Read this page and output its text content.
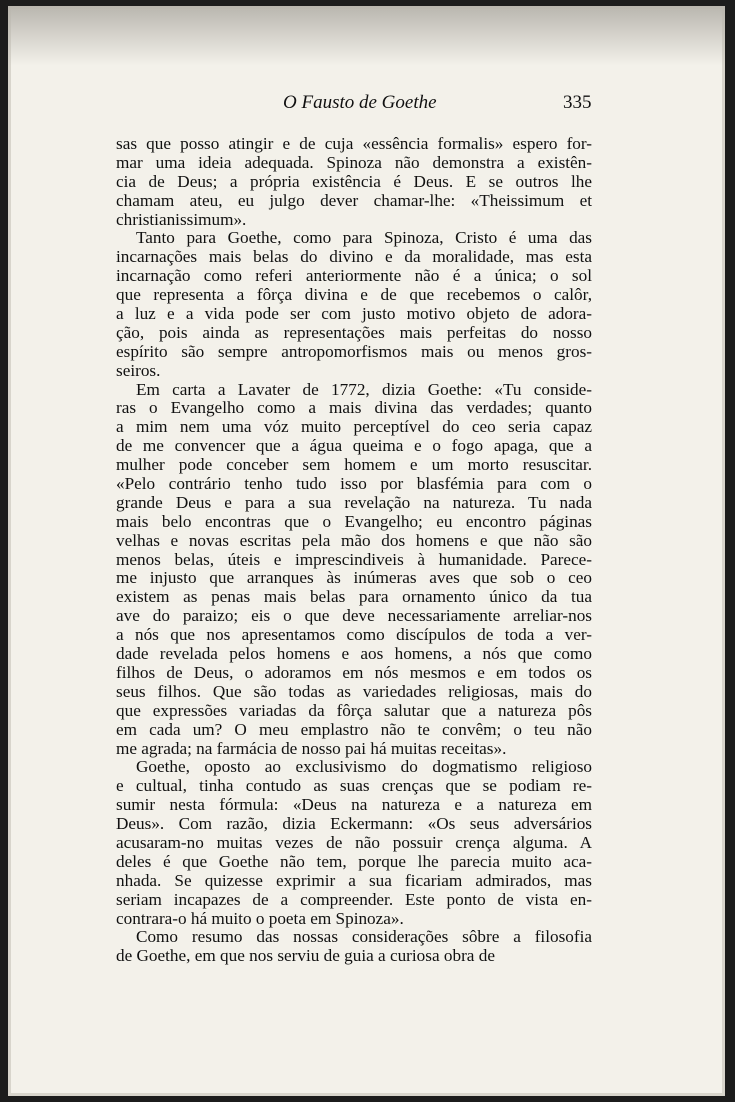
O Fausto de Goethe	335
sas que posso atingir e de cuja «essência formalis» espero for-
mar uma ideia adequada. Spinoza não demonstra a existên-
cia de Deus; a própria existência é Deus. E se outros lhe
chamam ateu, eu julgo dever chamar-lhe: «Theissimum et
christianissimum».
Tanto para Goethe, como para Spinoza, Cristo é uma das
incarnações mais belas do divino e da moralidade, mas esta
incarnação como referi anteriormente não é a única; o sol
que representa a fôrça divina e de que recebemos o calôr,
a luz e a vida pode ser com justo motivo objeto de adora-
ção, pois ainda as representações mais perfeitas do nosso
espírito são sempre antropomorfismos mais ou menos gros-
seiros.
Em carta a Lavater de 1772, dizia Goethe: «Tu conside-
ras o Evangelho como a mais divina das verdades; quanto
a mim nem uma vóz muito perceptível do ceo seria capaz
de me convencer que a água queima e o fogo apaga, que a
mulher pode conceber sem homem e um morto resuscitar.
«Pelo contrário tenho tudo isso por blasfémia para com o
grande Deus e para a sua revelação na natureza. Tu nada
mais belo encontras que o Evangelho; eu encontro páginas
velhas e novas escritas pela mão dos homens e que não são
menos belas, úteis e imprescindiveis à humanidade. Parece-
me injusto que arranques às inúmeras aves que sob o ceo
existem as penas mais belas para ornamento único da tua
ave do paraizo; eis o que deve necessariamente arreliar-nos
a nós que nos apresentamos como discípulos de toda a ver-
dade revelada pelos homens e aos homens, a nós que como
filhos de Deus, o adoramos em nós mesmos e em todos os
seus filhos. Que são todas as variedades religiosas, mais do
que expressões variadas da fôrça salutar que a natureza pôs
em cada um? O meu emplastro não te convêm; o teu não
me agrada; na farmácia de nosso pai há muitas receitas».
Goethe, oposto ao exclusivismo do dogmatismo religioso
e cultual, tinha contudo as suas crenças que se podiam re-
sumir nesta fórmula: «Deus na natureza e a natureza em
Deus». Com razão, dizia Eckermann: «Os seus adversários
acusaram-no muitas vezes de não possuir crença alguma. A
deles é que Goethe não tem, porque lhe parecia muito aca-
nhada. Se quizesse exprimir a sua ficariam admirados, mas
seriam incapazes de a compreender. Este ponto de vista en-
contrara-o há muito o poeta em Spinoza».
Como resumo das nossas considerações sôbre a filosofia
de Goethe, em que nos serviu de guia a curiosa obra de
